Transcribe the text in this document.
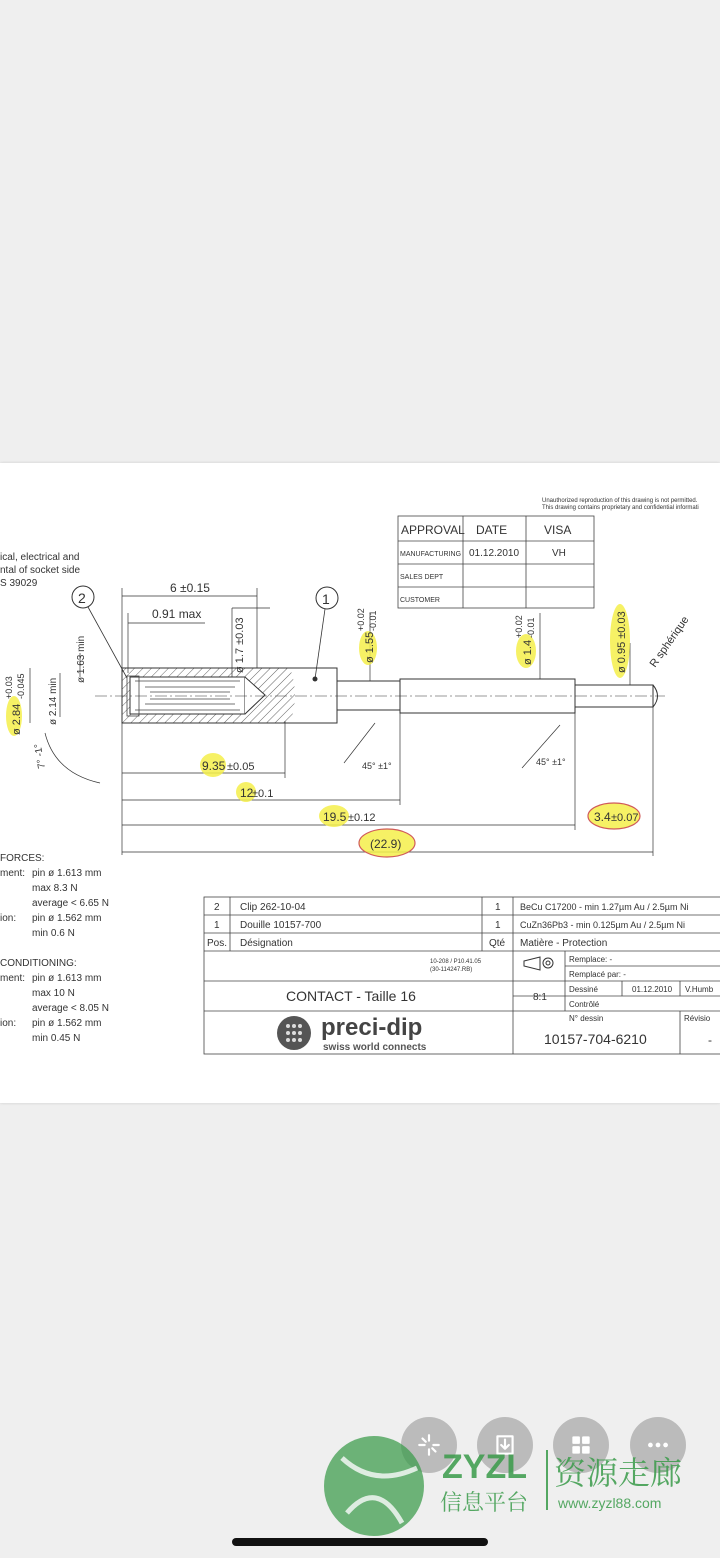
Unauthorized reproduction of this drawing is not permitted.
This drawing contains proprietary and confidential informati
ical, electrical and
ntal of socket side
S 39029
APPROVAL DATE	VISA
MANUFACTURING 01.12.2010	VH
SALES DEPT
CUSTOMER
2	1
6 ±0.15
0.91 max
ø 1.7 ±0.03
ø 1.63 min
ø 2.14 min
ø 2.84
+0.03 -0.045
7° -1°
ø 1.55
+0.02 -0.01
ø 1.4
+0.02 -0.01	ø 0.95 ±0.03 R sphérique
45° ±1°	45° ±1°
9.35 ±0.05
12
±0.1
19.5 ±0.12
(22.9)
3.4 ±0.07
FORCES:
ment: pin ø 1.613 mm
max 8.3 N
average < 6.65 N
ion: pin ø 1.562 mm
min 0.6 N
CONDITIONING:
ment: pin ø 1.613 mm
max 10 N
average < 8.05 N
ion: pin ø 1.562 mm
min 0.45 N
2 Clip 262-10-04	1 BeCu C17200 - min 1.27µm Au / 2.5µm Ni
1 Douille 10157-700	1 CuZn36Pb3 - min 0.125µm Au / 2.5µm Ni
Pos. Désignation	Qté Matière - Protection
10-208 / P10.41.05
(30-114247.RB)
CONTACT - Taille 16	8:1
Remplace: -
Remplacé par: -
Dessiné	01.12.2010 V.Humb
Contrôlé
N° dessin	Révisio
10157-704-6210	-
preci-dip
swiss world connects
ZYZL 资源走廊
信息平台 www.zyzl88.com
